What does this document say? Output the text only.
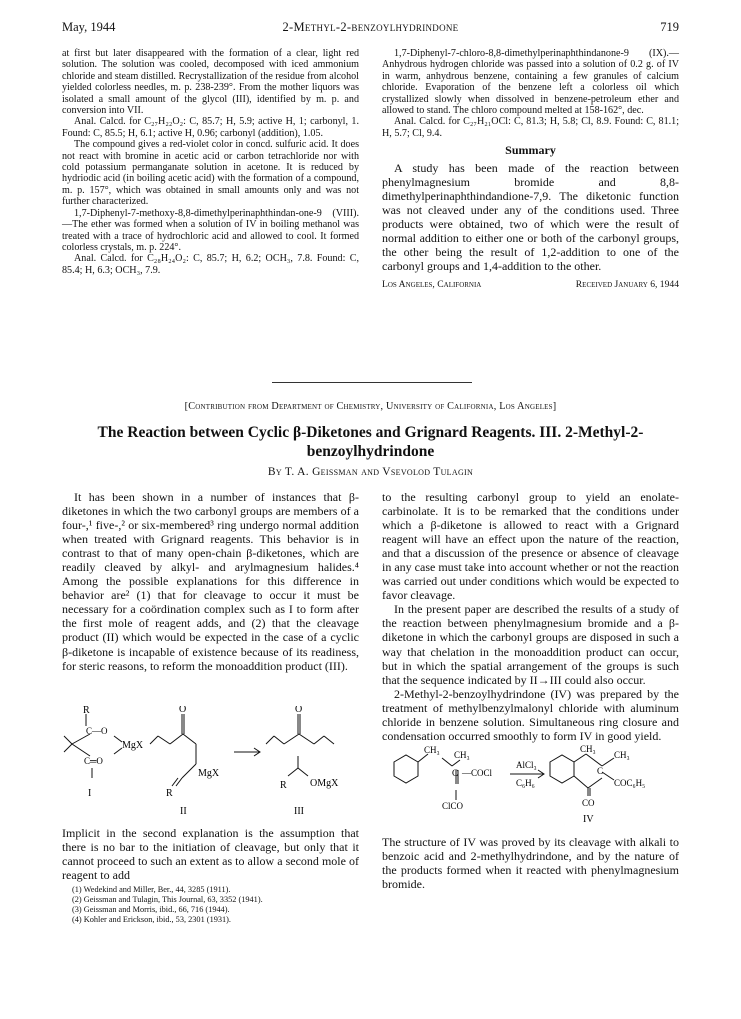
May, 1944	2-Methyl-2-benzoylhydrindone	719

at first but later disappeared with the formation of a clear, light red solution. The solution was cooled, decomposed with iced ammonium chloride and steam distilled. Recrystallization of the residue from alcohol yielded colorless needles, m. p. 238-239°. From the mother liquors was isolated a small amount of the glycol (III), identified by m. p. and conversion into VII.

Anal. Calcd. for C₂₇H₂₂O₂: C, 85.7; H, 5.9; active H, 1; carbonyl, 1. Found: C, 85.5; H, 6.1; active H, 0.96; carbonyl (addition), 1.05.

The compound gives a red-violet color in concd. sulfuric acid. It does not react with bromine in acetic acid or carbon tetrachloride nor with cold potassium permanganate solution in acetone. It is reduced by hydriodic acid (in boiling acetic acid) with the formation of a compound, m. p. 157°, which was obtained in small amounts only and was not further characterized.

1,7-Diphenyl-7-methoxy-8,8-dimethylperinaphthindan-one-9 (VIII).—The ether was formed when a solution of IV in boiling methanol was treated with a trace of hydrochloric acid and allowed to cool. It formed colorless crystals, m. p. 224°.

Anal. Calcd. for C₂₈H₂₄O₂: C, 85.7; H, 6.2; OCH₃, 7.8. Found: C, 85.4; H, 6.3; OCH₃, 7.9.

1,7-Diphenyl-7-chloro-8,8-dimethylperinaphthindanone-9 (IX).—Anhydrous hydrogen chloride was passed into a solution of 0.2 g. of IV in warm, anhydrous benzene, containing a few granules of calcium chloride. Evaporation of the benzene left a colorless oil which crystallized slowly when dissolved in benzene-petroleum ether and allowed to stand. The chloro compound melted at 158-162°, dec.

Anal. Calcd. for C₂₇H₂₁OCl: C, 81.3; H, 5.8; Cl, 8.9. Found: C, 81.1; H, 5.7; Cl, 9.4.

Summary

A study has been made of the reaction between phenylmagnesium bromide and 8,8-dimethylperinaphthindandione-7,9. The diketonic function was not cleaved under any of the conditions used. Three products were obtained, two of which were the result of normal addition to either one or both of the carbonyl groups, the other being the result of 1,2-addition to one of the carbonyl groups and 1,4-addition to the other.

Los Angeles, California	Received January 6, 1944
[Contribution from Department of Chemistry, University of California, Los Angeles]
The Reaction between Cyclic β-Diketones and Grignard Reagents. III. 2-Methyl-2-benzoylhydrindone
By T. A. Geissman and Vsevolod Tulagin

It has been shown in a number of instances that β-diketones in which the two carbonyl groups are members of a four-,¹ five-,² or six-membered³ ring undergo normal addition when treated with Grignard reagents. This behavior is in contrast to that of many open-chain β-diketones, which are readily cleaved by alkyl- and arylmagnesium halides.⁴ Among the possible explanations for this difference in behavior are² (1) that for cleavage to occur it must be necessary for a coördination complex such as I to form after the first mole of reagent adds, and (2) that the cleavage product (II) which would be expected in the case of a cyclic β-diketone is incapable of existence because of its readiness, for steric reasons, to reform the monoaddition product (III).

R
C—O
C═O
MgX
I
O
MgX
R
II
O
R OMgX
III

Implicit in the second explanation is the assumption that there is no bar to the initiation of cleavage, but only that it cannot proceed to such an extent as to allow a second mole of reagent to add

(1) Wedekind and Miller, Ber., 44, 3285 (1911).
(2) Geissman and Tulagin, This Journal, 63, 3352 (1941).
(3) Geissman and Morris, ibid., 66, 716 (1944).
(4) Kohler and Erickson, ibid., 53, 2301 (1931).

to the resulting carbonyl group to yield an enolate-carbinolate. It is to be remarked that the conditions under which a β-diketone is allowed to react with a Grignard reagent will have an effect upon the nature of the reaction, and that a discussion of the presence or absence of cleavage in any case must take into account whether or not the reaction was carried out under conditions which would be expected to favor cleavage.

In the present paper are described the results of a study of the reaction between phenylmagnesium bromide and a β-diketone in which the carbonyl groups are disposed in such a way that chelation in the monoaddition product can occur, but in which the spatial arrangement of the groups is such that the sequence indicated by II→III could also occur.

2-Methyl-2-benzoylhydrindone (IV) was prepared by the treatment of methylbenzylmalonyl chloride with aluminum chloride in benzene solution. Simultaneous ring closure and condensation occurred smoothly to form IV in good yield.

CH₃ CH₃
C —COCl
ClCO
AlCl₃
C₆H₆
CH₃
C
CH₃
COC₆H₅
CO
IV

The structure of IV was proved by its cleavage with alkali to benzoic acid and 2-methylhydrindone, and by the nature of the products formed when it reacted with phenylmagnesium bromide.
